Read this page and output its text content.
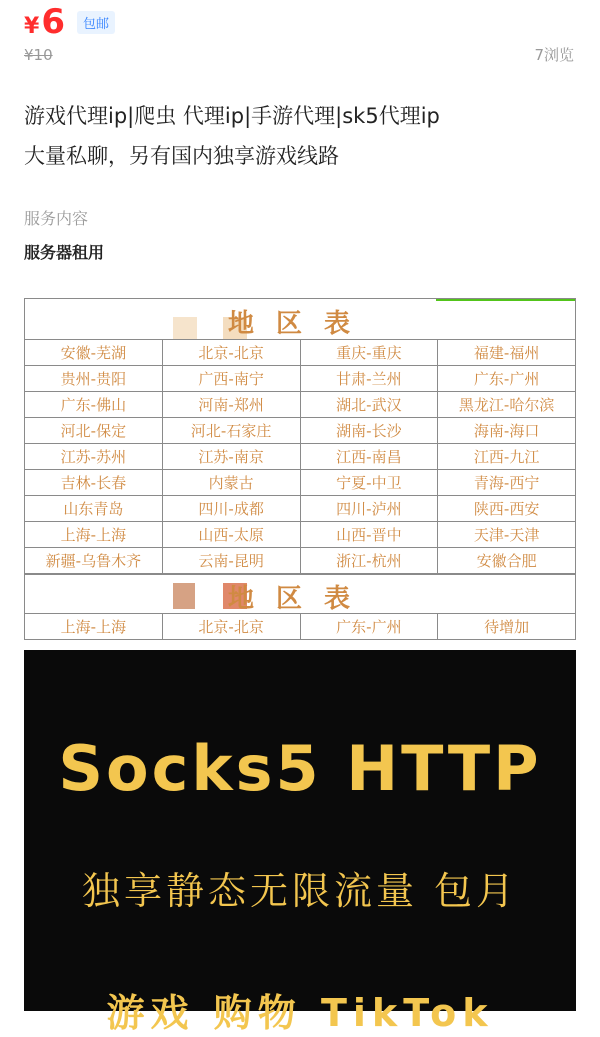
¥ 6	包邮
¥10	7浏览
游戏代理ip|爬虫 代理ip|手游代理|sk5代理ip
大量私聊，另有国内独享游戏线路
服务内容
服务器租用
地区表
安徽-芜湖	北京-北京	重庆-重庆	福建-福州
贵州-贵阳	广西-南宁	甘肃-兰州	广东-广州
广东-佛山	河南-郑州	湖北-武汉	黑龙江-哈尔滨
河北-保定	河北-石家庄	湖南-长沙	海南-海口
江苏-苏州	江苏-南京	江西-南昌	江西-九江
吉林-长春	内蒙古	宁夏-中卫	青海-西宁
山东青岛	四川-成都	四川-泸州	陕西-西安
上海-上海	山西-太原	山西-晋中	天津-天津
新疆-乌鲁木齐	云南-昆明	浙江-杭州	安徽合肥
地区表
上海-上海	北京-北京	广东-广州	待增加
Socks5 HTTP
独享静态无限流量 包月
游戏 购物 TikTok
